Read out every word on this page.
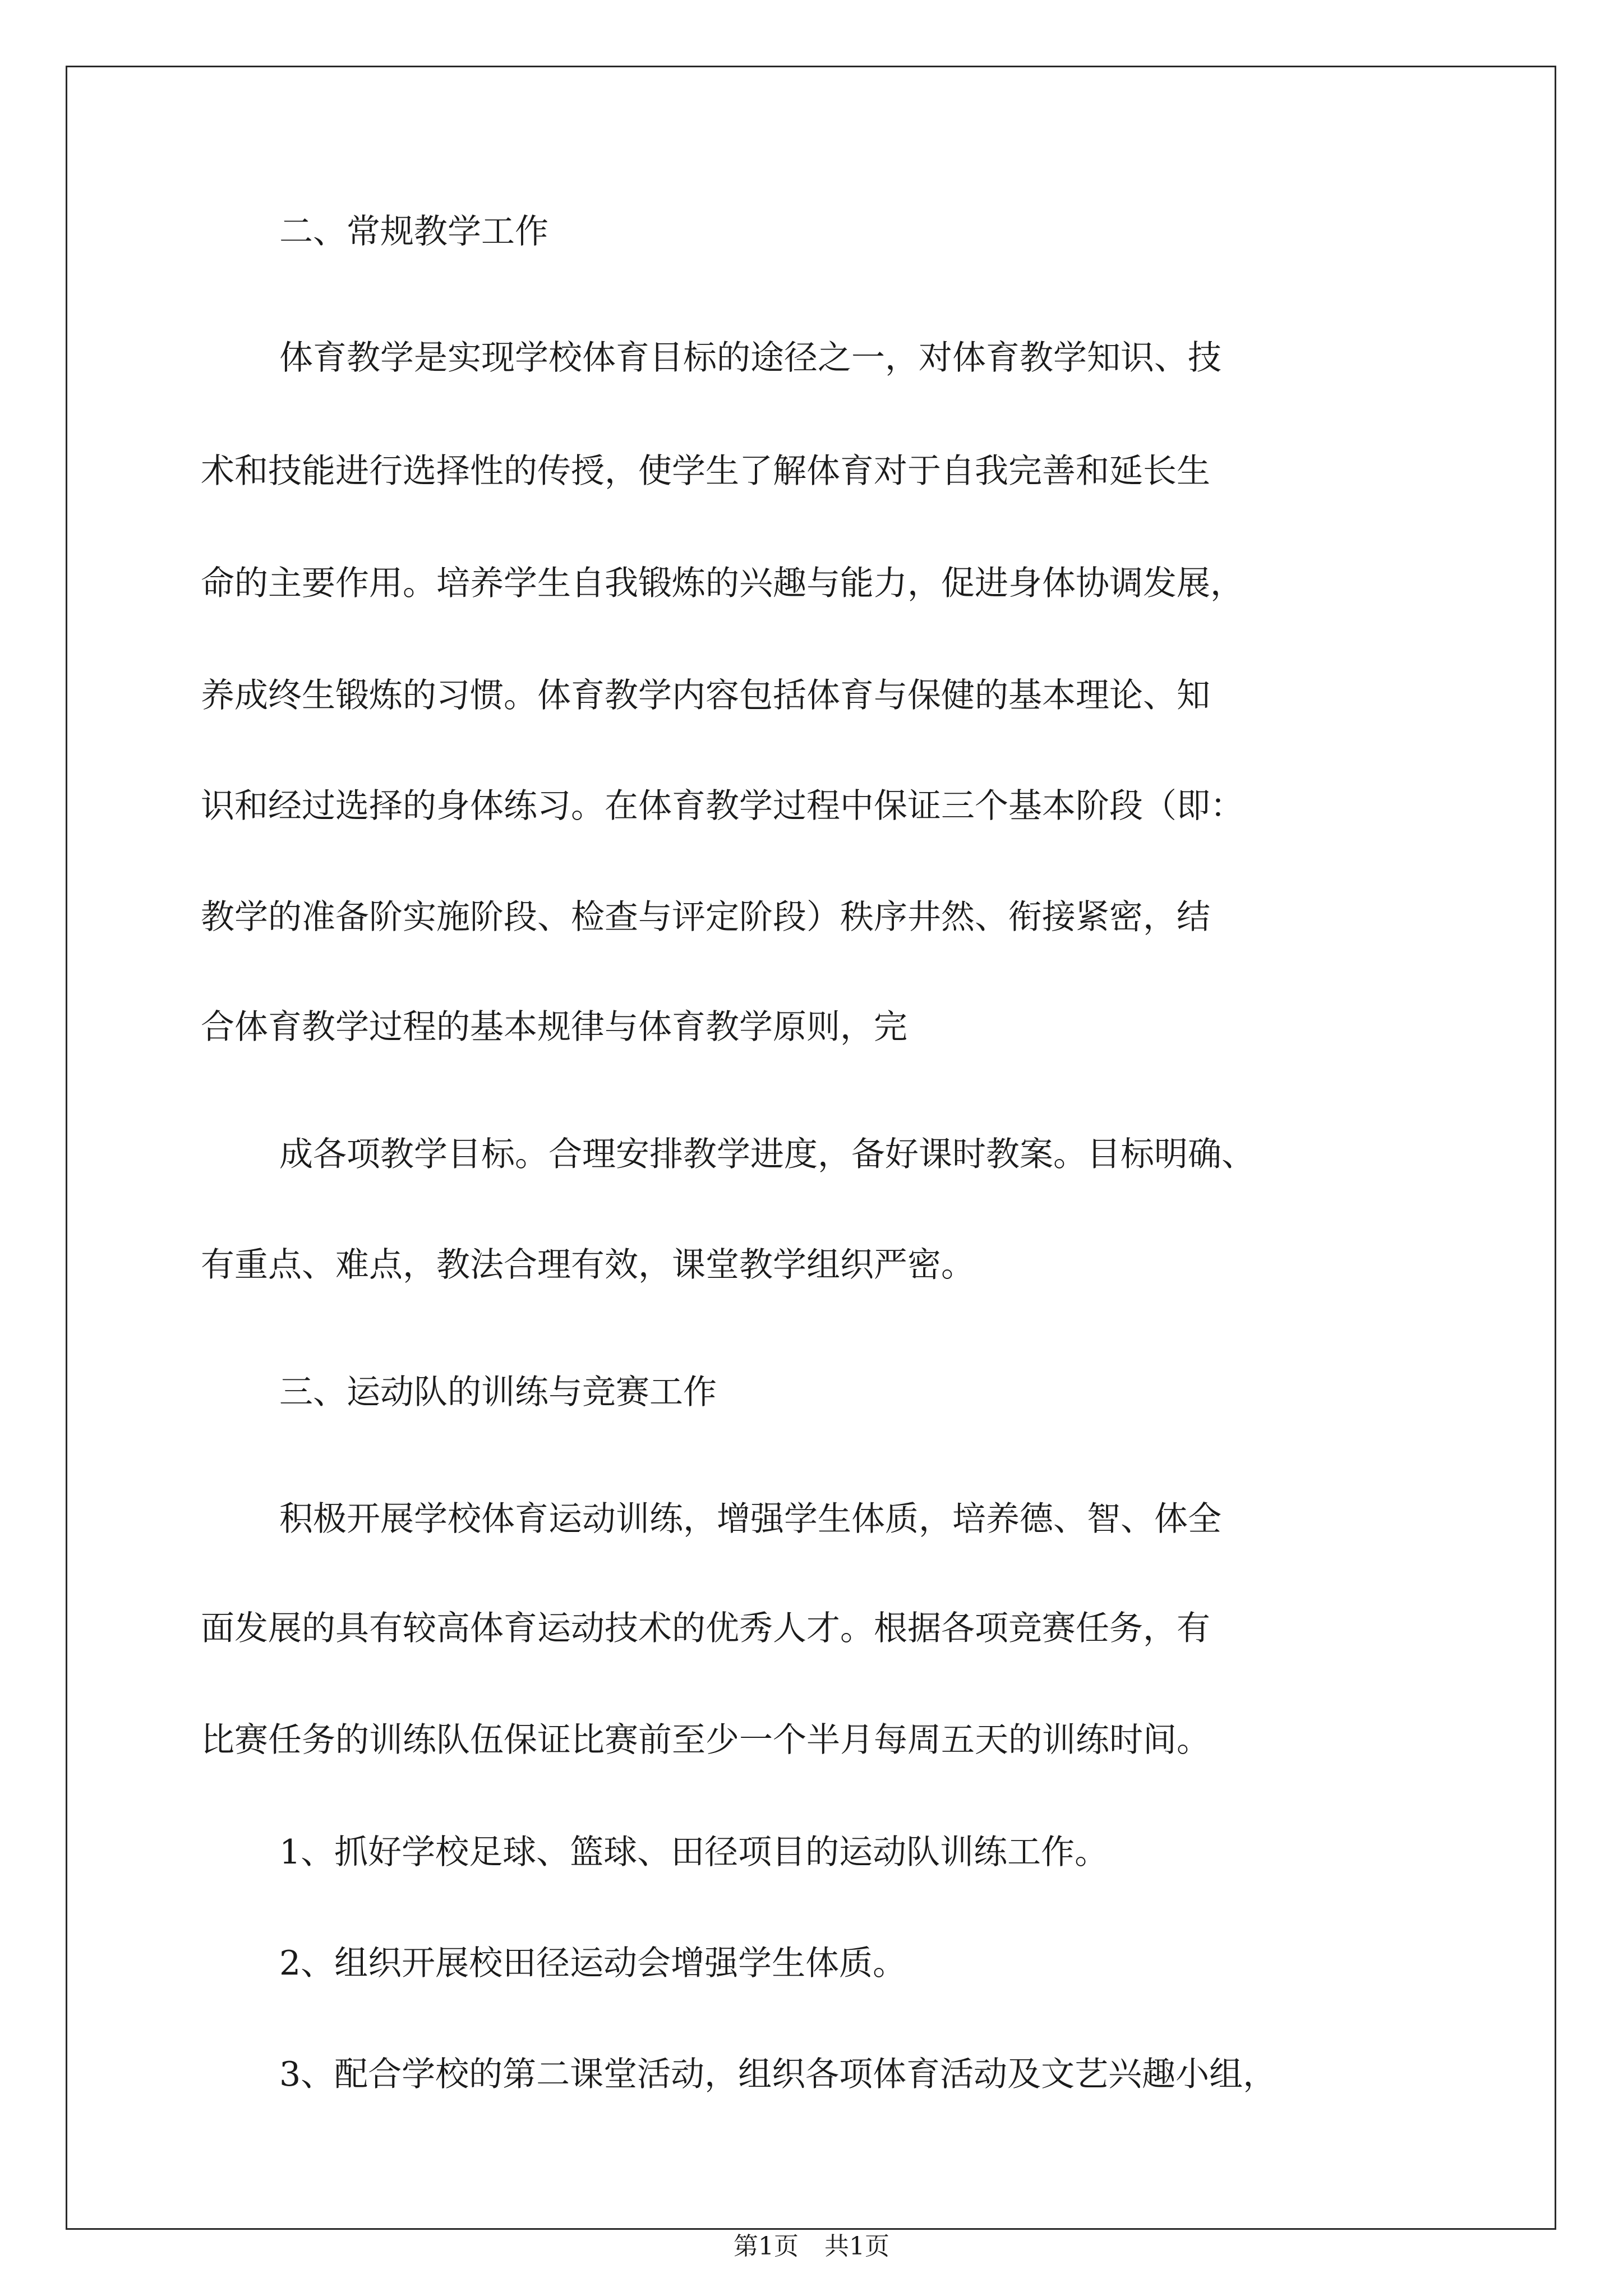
二、常规教学工作

体育教学是实现学校体育目标的途径之一，对体育教学知识、技

术和技能进行选择性的传授，使学生了解体育对于自我完善和延长生

命的主要作用。培养学生自我锻炼的兴趣与能力，促进身体协调发展，

养成终生锻炼的习惯。体育教学内容包括体育与保健的基本理论、知

识和经过选择的身体练习。在体育教学过程中保证三个基本阶段（即：

教学的准备阶实施阶段、检查与评定阶段）秩序井然、衔接紧密，结

合体育教学过程的基本规律与体育教学原则，完

成各项教学目标。合理安排教学进度，备好课时教案。目标明确、

有重点、难点，教法合理有效，课堂教学组织严密。

三、运动队的训练与竞赛工作

积极开展学校体育运动训练，增强学生体质，培养德、智、体全

面发展的具有较高体育运动技术的优秀人才。根据各项竞赛任务，有

比赛任务的训练队伍保证比赛前至少一个半月每周五天的训练时间。

1、抓好学校足球、篮球、田径项目的运动队训练工作。

2、组织开展校田径运动会增强学生体质。

3、配合学校的第二课堂活动，组织各项体育活动及文艺兴趣小组，

第1页 共1页
